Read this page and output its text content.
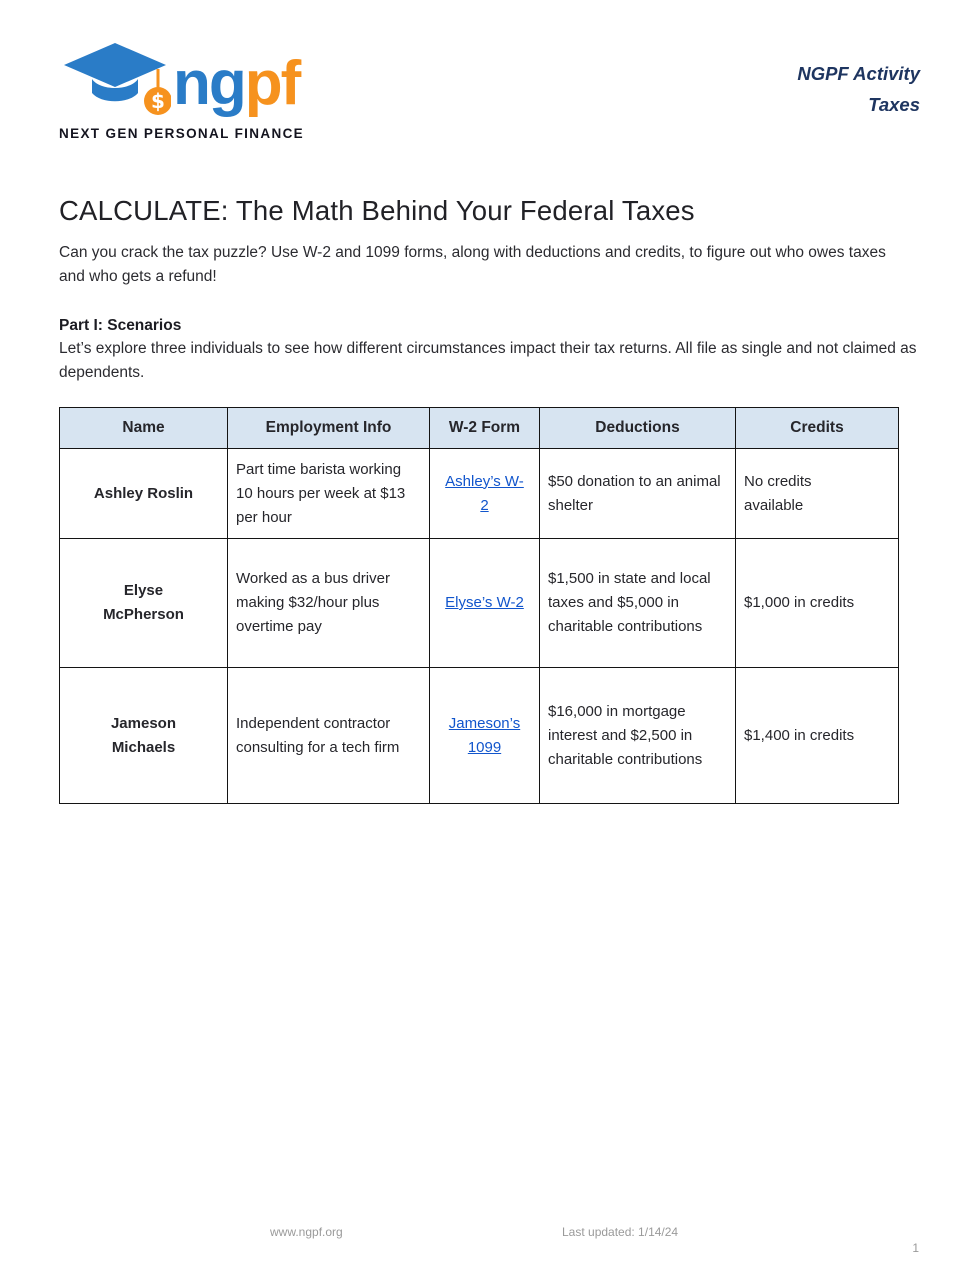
$ ngpf
NEXT GEN PERSONAL FINANCE
NGPF Activity
Taxes
CALCULATE: The Math Behind Your Federal Taxes

Can you crack the tax puzzle? Use W-2 and 1099 forms, along with deductions and credits, to figure out who owes taxes and who gets a refund!

Part I: Scenarios

Let’s explore three individuals to see how different circumstances impact their tax returns. All file as single and not claimed as dependents.

Name	Employment Info	W-2 Form	Deductions	Credits
Ashley Roslin	Part time barista working 10 hours per week at $13 per hour	Ashley’s W-2	$50 donation to an animal shelter	No credits available
Elyse McPherson	Worked as a bus driver making $32/hour plus overtime pay	Elyse’s W-2	$1,500 in state and local taxes and $5,000 in charitable contributions	$1,000 in credits
Jameson Michaels	Independent contractor consulting for a tech firm	Jameson’s 1099	$16,000 in mortgage interest and $2,500 in charitable contributions	$1,400 in credits
www.ngpf.org	Last updated: 1/14/24
1
